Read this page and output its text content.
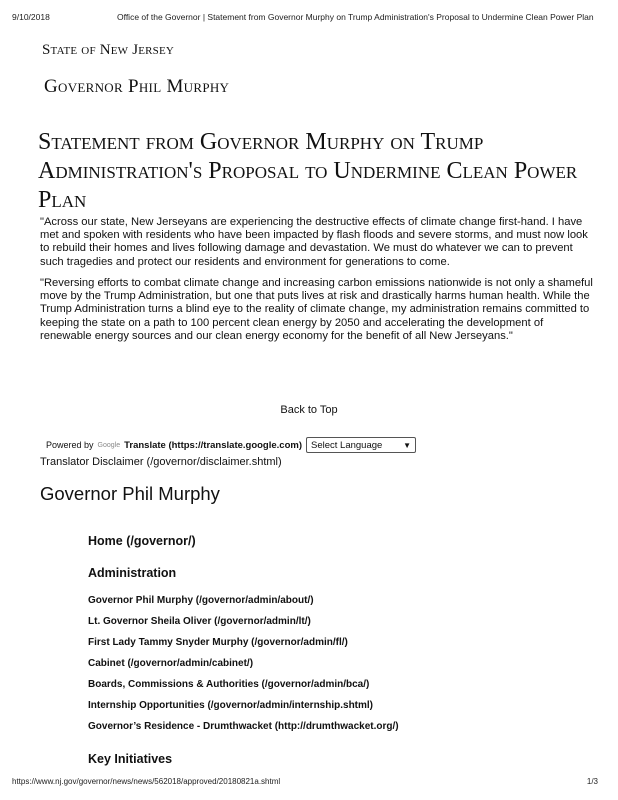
9/10/2018	Office of the Governor | Statement from Governor Murphy on Trump Administration's Proposal to Undermine Clean Power Plan
State of New Jersey
Governor Phil Murphy
Statement from Governor Murphy on Trump Administration's Proposal to Undermine Clean Power Plan

"Across our state, New Jerseyans are experiencing the destructive effects of climate change first-hand. I have met and spoken with residents who have been impacted by flash floods and severe storms, and must now look to rebuild their homes and lives following damage and devastation. We must do whatever we can to prevent such tragedies and protect our residents and environment for generations to come.

"Reversing efforts to combat climate change and increasing carbon emissions nationwide is not only a shameful move by the Trump Administration, but one that puts lives at risk and drastically harms human health. While the Trump Administration turns a blind eye to the reality of climate change, my administration remains committed to keeping the state on a path to 100 percent clean energy by 2050 and accelerating the development of renewable energy sources and our clean energy economy for the benefit of all New Jerseyans."

Back to Top
Powered by Google Translate (https://translate.google.com) Select Language	▼
Translator Disclaimer (/governor/disclaimer.shtml)
Governor Phil Murphy
Home (/governor/)
Administration
Governor Phil Murphy (/governor/admin/about/)
Lt. Governor Sheila Oliver (/governor/admin/lt/)
First Lady Tammy Snyder Murphy (/governor/admin/fl/)
Cabinet (/governor/admin/cabinet/)
Boards, Commissions & Authorities (/governor/admin/bca/)
Internship Opportunities (/governor/admin/internship.shtml)
Governor’s Residence - Drumthwacket (http://drumthwacket.org/)
Key Initiatives
https://www.nj.gov/governor/news/news/562018/approved/20180821a.shtml	1/3
